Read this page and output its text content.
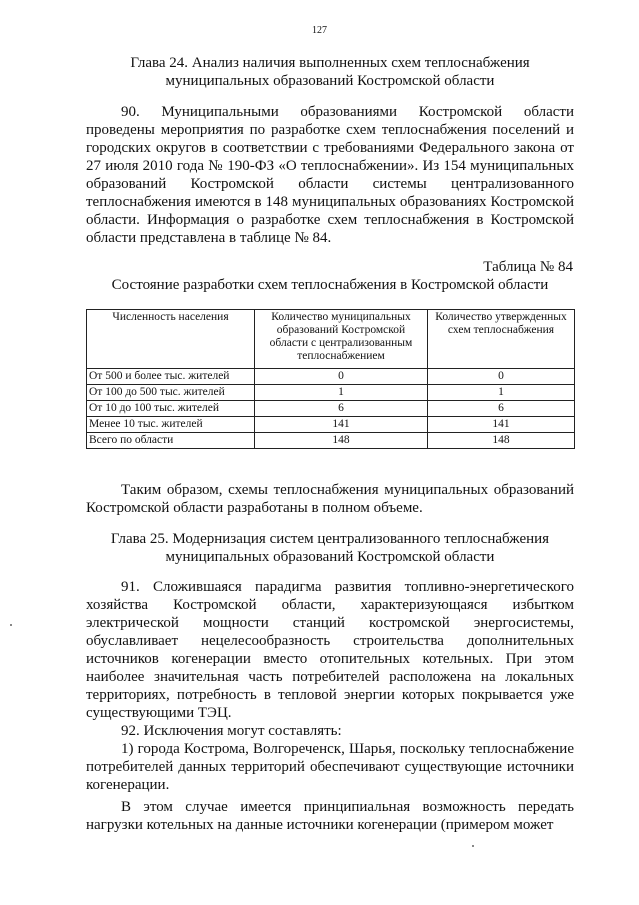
127
Глава 24. Анализ наличия выполненных схем теплоснабжения
муниципальных образований Костромской области

90. Муниципальными образованиями Костромской области проведены мероприятия по разработке схем теплоснабжения поселений и городских округов в соответствии с требованиями Федерального закона от 27 июля 2010 года № 190-ФЗ «О теплоснабжении». Из 154 муниципальных образований Костромской области системы централизованного теплоснабжения имеются в 148 муниципальных образованиях Костромской области. Информация о разработке схем теплоснабжения в Костромской области представлена в таблице № 84.

Таблица № 84
Состояние разработки схем теплоснабжения в Костромской области
Численность населения	Количество муниципальных образований Костромской области с централизованным теплоснабжением	Количество утвержденных схем теплоснабжения
От 500 и более тыс. жителей	0	0
От 100 до 500 тыс. жителей	1	1
От 10 до 100 тыс. жителей	6	6
Менее 10 тыс. жителей	141	141
Всего по области	148	148

Таким образом, схемы теплоснабжения муниципальных образований Костромской области разработаны в полном объеме.

Глава 25. Модернизация систем централизованного теплоснабжения
муниципальных образований Костромской области

91. Сложившаяся парадигма развития топливно-энергетического хозяйства Костромской области, характеризующаяся избытком электрической мощности станций костромской энергосистемы, обуславливает нецелесообразность строительства дополнительных источников когенерации вместо отопительных котельных. При этом наиболее значительная часть потребителей расположена на локальных территориях, потребность в тепловой энергии которых покрывается уже существующими ТЭЦ.

92. Исключения могут составлять:

1) города Кострома, Волгореченск, Шарья, поскольку теплоснабжение потребителей данных территорий обеспечивают существующие источники когенерации.

В этом случае имеется принципиальная возможность передать нагрузки котельных на данные источники когенерации (примером может
